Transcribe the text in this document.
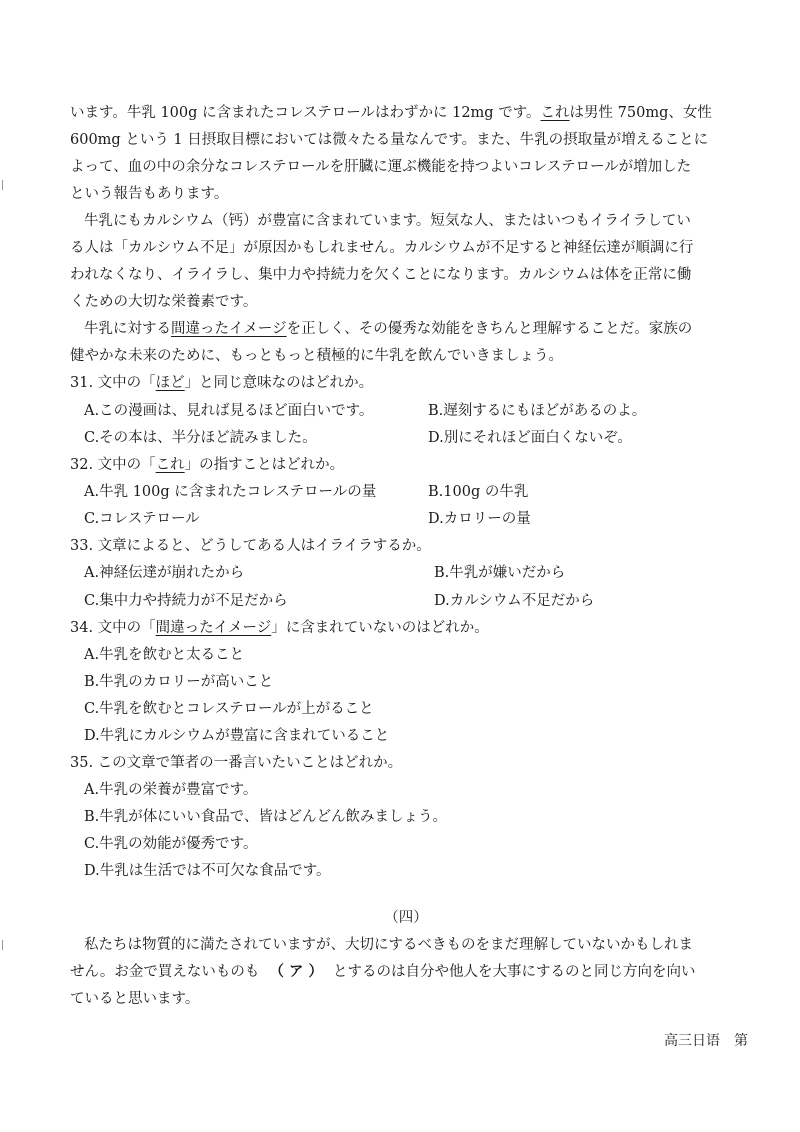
います。牛乳 100g に含まれたコレステロールはわずかに 12mg です。これは男性 750mg、女性
600mg という 1 日摂取目標においては微々たる量なんです。また、牛乳の摂取量が増えることに
よって、血の中の余分なコレステロールを肝臓に運ぶ機能を持つよいコレステロールが増加した
という報告もあります。
牛乳にもカルシウム（钙）が豊富に含まれています。短気な人、またはいつもイライラしてい
る人は「カルシウム不足」が原因かもしれません。カルシウムが不足すると神経伝達が順調に行
われなくなり、イライラし、集中力や持続力を欠くことになります。カルシウムは体を正常に働
くための大切な栄養素です。
牛乳に対する間違ったイメージを正しく、その優秀な効能をきちんと理解することだ。家族の
健やかな未来のために、もっともっと積極的に牛乳を飲んでいきましょう。
31. 文中の「ほど」と同じ意味なのはどれか。
A.この漫画は、見れば見るほど面白いです。	B.遅刻するにもほどがあるのよ。
C.その本は、半分ほど読みました。	D.別にそれほど面白くないぞ。
32. 文中の「これ」の指すことはどれか。
A.牛乳 100g に含まれたコレステロールの量	B.100g の牛乳
C.コレステロール	D.カロリーの量
33. 文章によると、どうしてある人はイライラするか。
A.神経伝達が崩れたから	B.牛乳が嫌いだから
C.集中力や持続力が不足だから	D.カルシウム不足だから
34. 文中の「間違ったイメージ」に含まれていないのはどれか。
A.牛乳を飲むと太ること
B.牛乳のカロリーが高いこと
C.牛乳を飲むとコレステロールが上がること
D.牛乳にカルシウムが豊富に含まれていること
35. この文章で筆者の一番言いたいことはどれか。
A.牛乳の栄養が豊富です。
B.牛乳が体にいい食品で、皆はどんどん飲みましょう。
C.牛乳の効能が優秀です。
D.牛乳は生活では不可欠な食品です。
（四）
私たちは物質的に満たされていますが、大切にするべきものをまだ理解していないかもしれま
せん。お金で買えないものも （ ア ） とするのは自分や他人を大事にするのと同じ方向を向い
ていると思います。
高三日语 第
